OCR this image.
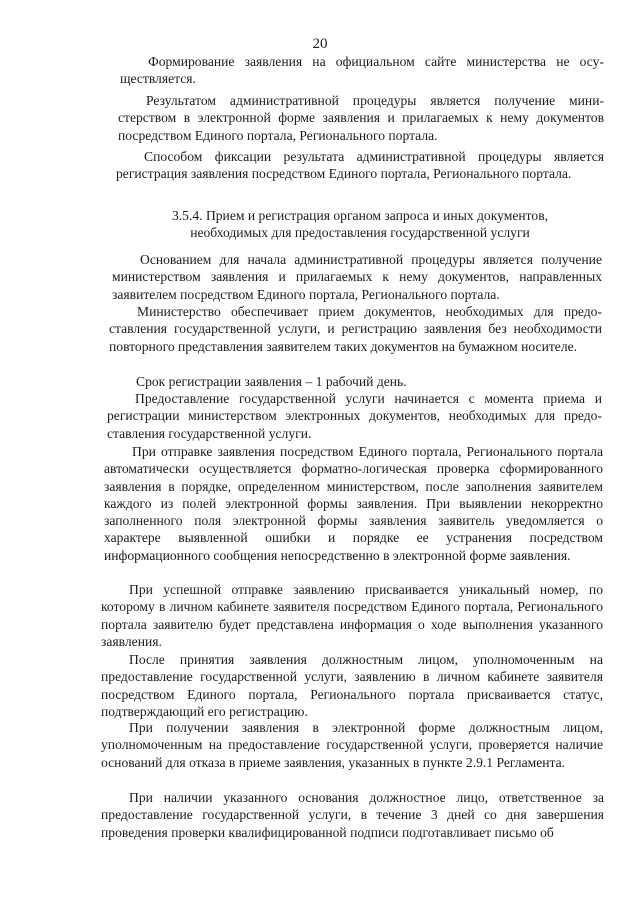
20

Формирование заявления на официальном сайте министерства не осуществляется.

Результатом административной процедуры является получение министерством в электронной форме заявления и прилагаемых к нему документов посредством Единого портала, Регионального портала.

Способом фиксации результата административной процедуры является регистрация заявления посредством Единого портала, Регионального портала.

3.5.4. Прием и регистрация органом запроса и иных документов,
необходимых для предоставления государственной услуги

Основанием для начала административной процедуры является получение министерством заявления и прилагаемых к нему документов, направленных заявителем посредством Единого портала, Регионального портала.

Министерство обеспечивает прием документов, необходимых для предоставления государственной услуги, и регистрацию заявления без необходимости повторного представления заявителем таких документов на бумажном носителе.

Срок регистрации заявления – 1 рабочий день.

Предоставление государственной услуги начинается с момента приема и регистрации министерством электронных документов, необходимых для предоставления государственной услуги.

При отправке заявления посредством Единого портала, Регионального портала автоматически осуществляется форматно-логическая проверка сформированного заявления в порядке, определенном министерством, после заполнения заявителем каждого из полей электронной формы заявления. При выявлении некорректно заполненного поля электронной формы заявления заявитель уведомляется о характере выявленной ошибки и порядке ее устранения посредством информационного сообщения непосредственно в электронной форме заявления.

При успешной отправке заявлению присваивается уникальный номер, по которому в личном кабинете заявителя посредством Единого портала, Регионального портала заявителю будет представлена информация о ходе выполнения указанного заявления.

После принятия заявления должностным лицом, уполномоченным на предоставление государственной услуги, заявлению в личном кабинете заявителя посредством Единого портала, Регионального портала присваивается статус, подтверждающий его регистрацию.

При получении заявления в электронной форме должностным лицом, уполномоченным на предоставление государственной услуги, проверяется наличие оснований для отказа в приеме заявления, указанных в пункте 2.9.1 Регламента.

При наличии указанного основания должностное лицо, ответственное за предоставление государственной услуги, в течение 3 дней со дня завершения проведения проверки квалифицированной подписи подготавливает письмо об
